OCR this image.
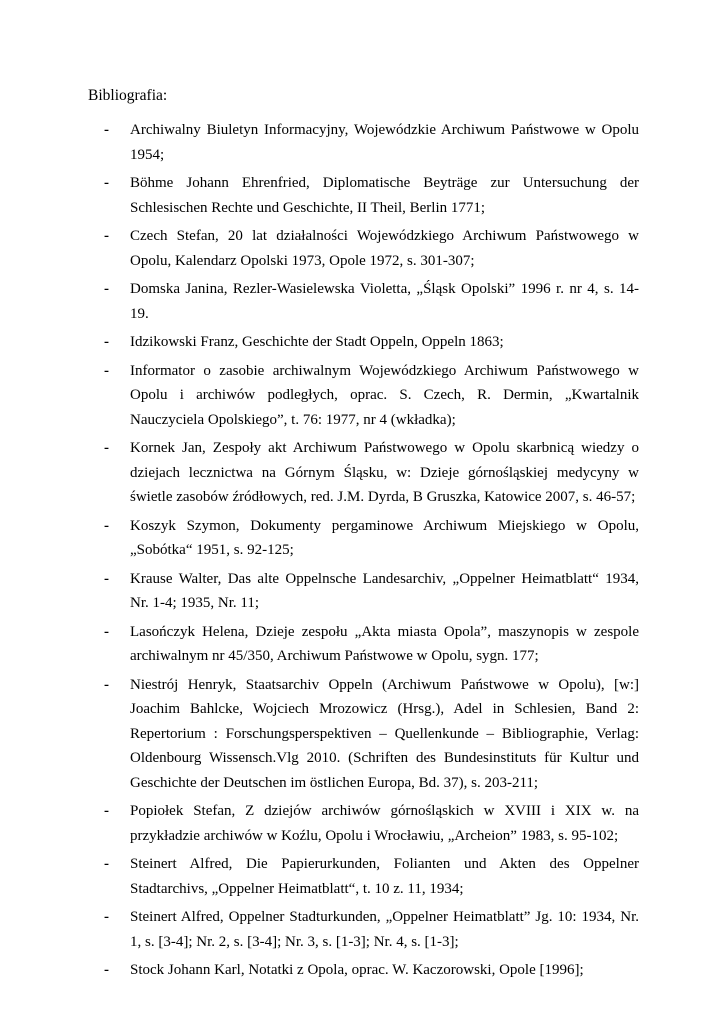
Bibliografia:
- Archiwalny Biuletyn Informacyjny, Wojewódzkie Archiwum Państwowe w Opolu 1954;
- Böhme Johann Ehrenfried, Diplomatische Beyträge zur Untersuchung der Schlesischen Rechte und Geschichte, II Theil, Berlin 1771;
- Czech Stefan, 20 lat działalności Wojewódzkiego Archiwum Państwowego w Opolu, Kalendarz Opolski 1973, Opole 1972, s. 301-307;
- Domska Janina, Rezler-Wasielewska Violetta, „Śląsk Opolski” 1996 r. nr 4, s. 14-19.
- Idzikowski Franz, Geschichte der Stadt Oppeln, Oppeln 1863;
- Informator o zasobie archiwalnym Wojewódzkiego Archiwum Państwowego w Opolu i archiwów podległych, oprac. S. Czech, R. Dermin, „Kwartalnik Nauczyciela Opolskiego”, t. 76: 1977, nr 4 (wkładka);
- Kornek Jan, Zespoły akt Archiwum Państwowego w Opolu skarbnicą wiedzy o dziejach lecznictwa na Górnym Śląsku, w: Dzieje górnośląskiej medycyny w świetle zasobów źródłowych, red. J.M. Dyrda, B Gruszka, Katowice 2007, s. 46-57;
- Koszyk Szymon, Dokumenty pergaminowe Archiwum Miejskiego w Opolu, „Sobótka“ 1951, s. 92-125;
- Krause Walter, Das alte Oppelnsche Landesarchiv, „Oppelner Heimatblatt“ 1934, Nr. 1-4; 1935, Nr. 11;
- Lasończyk Helena, Dzieje zespołu „Akta miasta Opola”, maszynopis w zespole archiwalnym nr 45/350, Archiwum Państwowe w Opolu, sygn. 177;
- Niestrój Henryk, Staatsarchiv Oppeln (Archiwum Państwowe w Opolu), [w:] Joachim Bahlcke, Wojciech Mrozowicz (Hrsg.), Adel in Schlesien, Band 2: Repertorium : Forschungsperspektiven – Quellenkunde – Bibliographie, Verlag: Oldenbourg Wissensch.Vlg 2010. (Schriften des Bundesinstituts für Kultur und Geschichte der Deutschen im östlichen Europa, Bd. 37), s. 203-211;
- Popiołek Stefan, Z dziejów archiwów górnośląskich w XVIII i XIX w. na przykładzie archiwów w Koźlu, Opolu i Wrocławiu, „Archeion” 1983, s. 95-102;
- Steinert Alfred, Die Papierurkunden, Folianten und Akten des Oppelner Stadtarchivs, „Oppelner Heimatblatt“, t. 10 z. 11, 1934;
- Steinert Alfred, Oppelner Stadturkunden, „Oppelner Heimatblatt” Jg. 10: 1934, Nr. 1, s. [3-4]; Nr. 2, s. [3-4]; Nr. 3, s. [1-3]; Nr. 4, s. [1-3];
- Stock Johann Karl, Notatki z Opola, oprac. W. Kaczorowski, Opole [1996];
